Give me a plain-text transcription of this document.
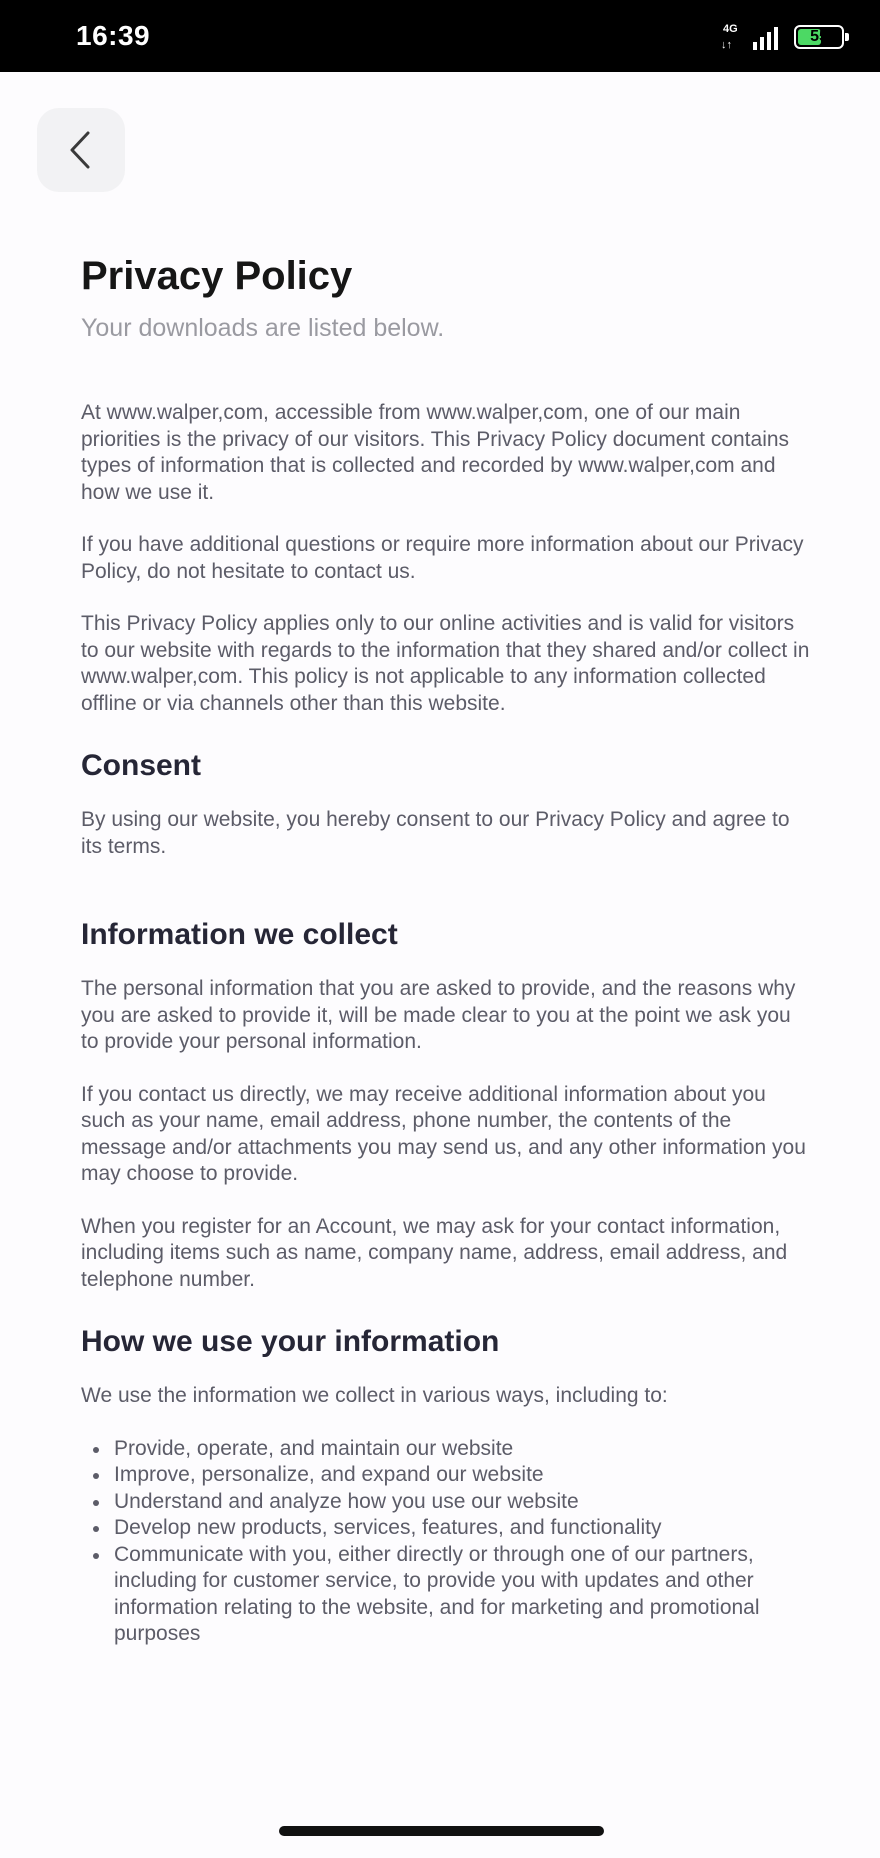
16:39	4G
↓↑	55
Privacy Policy

Your downloads are listed below.

At www.walper,com, accessible from www.walper,com, one of our main priorities is the privacy of our visitors. This Privacy Policy document contains types of information that is collected and recorded by www.walper,com and how we use it.

If you have additional questions or require more information about our Privacy Policy, do not hesitate to contact us.

This Privacy Policy applies only to our online activities and is valid for visitors to our website with regards to the information that they shared and/or collect in www.walper,com. This policy is not applicable to any information collected offline or via channels other than this website.

Consent

By using our website, you hereby consent to our Privacy Policy and agree to its terms.

Information we collect

The personal information that you are asked to provide, and the reasons why you are asked to provide it, will be made clear to you at the point we ask you to provide your personal information.

If you contact us directly, we may receive additional information about you such as your name, email address, phone number, the contents of the message and/or attachments you may send us, and any other information you may choose to provide.

When you register for an Account, we may ask for your contact information, including items such as name, company name, address, email address, and telephone number.

How we use your information

We use the information we collect in various ways, including to:

Provide, operate, and maintain our website
Improve, personalize, and expand our website
Understand and analyze how you use our website
Develop new products, services, features, and functionality
Communicate with you, either directly or through one of our partners, including for customer service, to provide you with updates and other information relating to the website, and for marketing and promotional purposes
